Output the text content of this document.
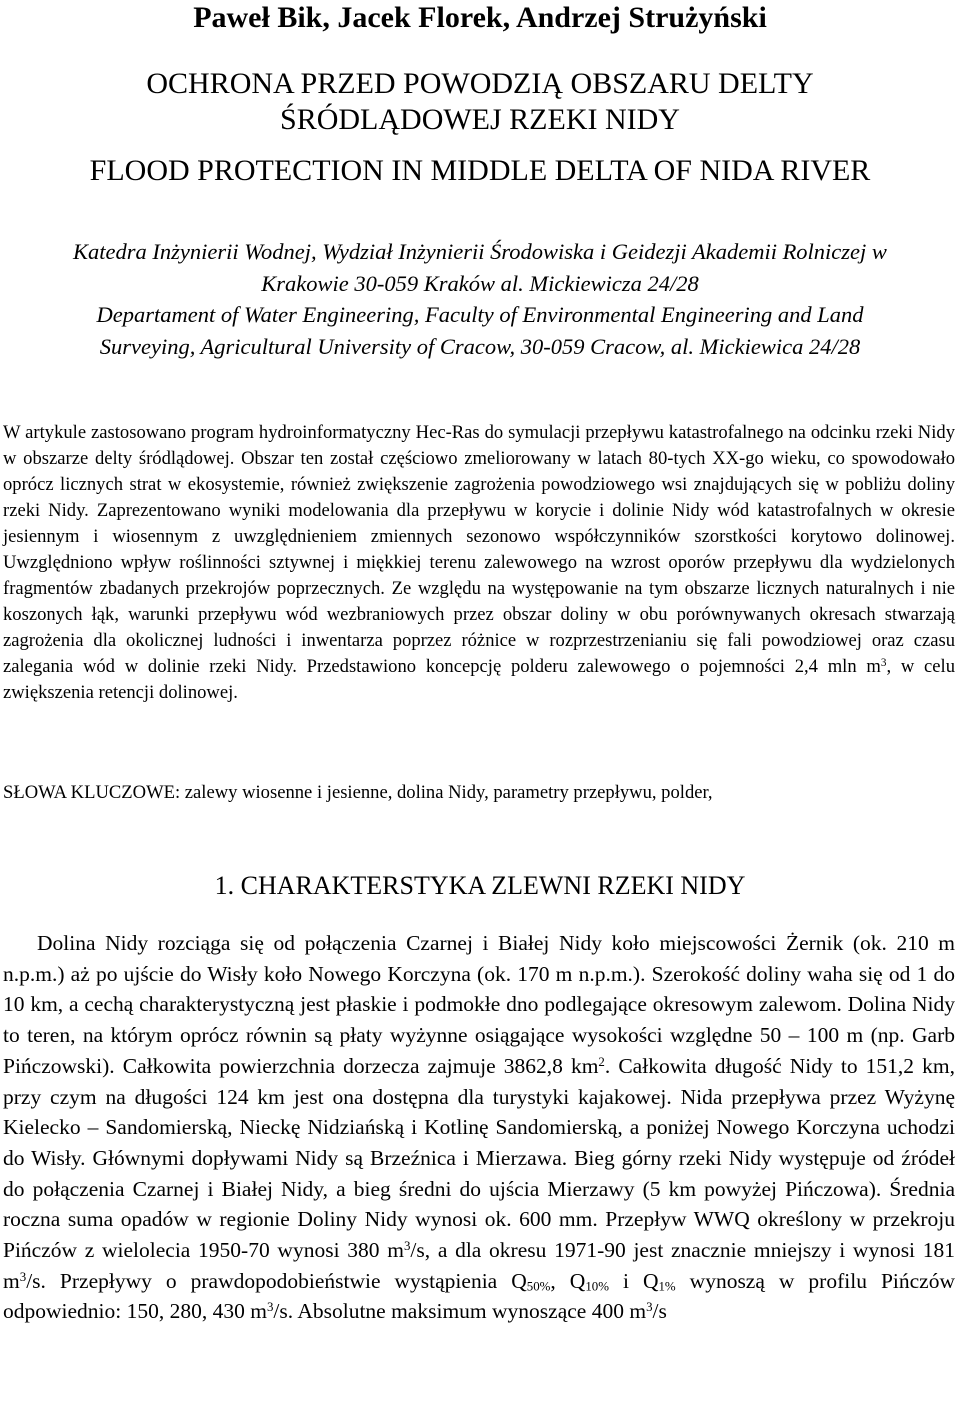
Paweł Bik, Jacek Florek, Andrzej Strużyński
OCHRONA PRZED POWODZIĄ OBSZARU DELTY
ŚRÓDLĄDOWEJ RZEKI NIDY
FLOOD PROTECTION IN MIDDLE DELTA OF NIDA RIVER
Katedra Inżynierii Wodnej, Wydział Inżynierii Środowiska i Geidezji Akademii Rolniczej w
Krakowie 30-059 Kraków al. Mickiewicza 24/28
Departament of Water Engineering, Faculty of Environmental Engineering and Land
Surveying, Agricultural University of Cracow, 30-059 Cracow, al. Mickiewica 24/28

W artykule zastosowano program hydroinformatyczny Hec-Ras do symulacji przepływu katastrofalnego na odcinku rzeki Nidy w obszarze delty śródlądowej. Obszar ten został częściowo zmeliorowany w latach 80-tych XX-go wieku, co spowodowało oprócz licznych strat w ekosystemie, również zwiększenie zagrożenia powodziowego wsi znajdujących się w pobliżu doliny rzeki Nidy. Zaprezentowano wyniki modelowania dla przepływu w korycie i dolinie Nidy wód katastrofalnych w okresie jesiennym i wiosennym z uwzględnieniem zmiennych sezonowo współczynników szorstkości korytowo dolinowej. Uwzględniono wpływ roślinności sztywnej i miękkiej terenu zalewowego na wzrost oporów przepływu dla wydzielonych fragmentów zbadanych przekrojów poprzecznych. Ze względu na występowanie na tym obszarze licznych naturalnych i nie koszonych łąk, warunki przepływu wód wezbraniowych przez obszar doliny w obu porównywanych okresach stwarzają zagrożenia dla okolicznej ludności i inwentarza poprzez różnice w rozprzestrzenianiu się fali powodziowej oraz czasu zalegania wód w dolinie rzeki Nidy. Przedstawiono koncepcję polderu zalewowego o pojemności 2,4 mln $m^3$, w celu zwiększenia retencji dolinowej.

SŁOWA KLUCZOWE: zalewy wiosenne i jesienne, dolina Nidy, parametry przepływu, polder,
1. CHARAKTERSTYKA ZLEWNI RZEKI NIDY

Dolina Nidy rozciąga się od połączenia Czarnej i Białej Nidy koło miejscowości Żernik (ok. 210 m n.p.m.) aż po ujście do Wisły koło Nowego Korczyna (ok. 170 m n.p.m.). Szerokość doliny waha się od 1 do 10 km, a cechą charakterystyczną jest płaskie i podmokłe dno podlegające okresowym zalewom. Dolina Nidy to teren, na którym oprócz równin są płaty wyżynne osiągające wysokości względne 50 – 100 m (np. Garb Pińczowski). Całkowita powierzchnia dorzecza zajmuje 3862,8 $km^2$. Całkowita długość Nidy to 151,2 km, przy czym na długości 124 km jest ona dostępna dla turystyki kajakowej. Nida przepływa przez Wyżynę Kielecko – Sandomierską, Nieckę Nidziańską i Kotlinę Sandomierską, a poniżej Nowego Korczyna uchodzi do Wisły. Głównymi dopływami Nidy są Brzeźnica i Mierzawa. Bieg górny rzeki Nidy występuje od źródeł do połączenia Czarnej i Białej Nidy, a bieg średni do ujścia Mierzawy (5 km powyżej Pińczowa). Średnia roczna suma opadów w regionie Doliny Nidy wynosi ok. 600 mm. Przepływ WWQ określony w przekroju Pińczów z wielolecia 1950-70 wynosi 380 $m^3/s$, a dla okresu 1971-90 jest znacznie mniejszy i wynosi 181 $m^3/s$. Przepływy o prawdopodobieństwie wystąpienia $Q_{50\%}$, $Q_{10\%}$ i $Q_{1\%}$ wynoszą w profilu Pińczów odpowiednio: 150, 280, 430 $m^3/s$. Absolutne maksimum wynoszące 400 $m^3/s$
